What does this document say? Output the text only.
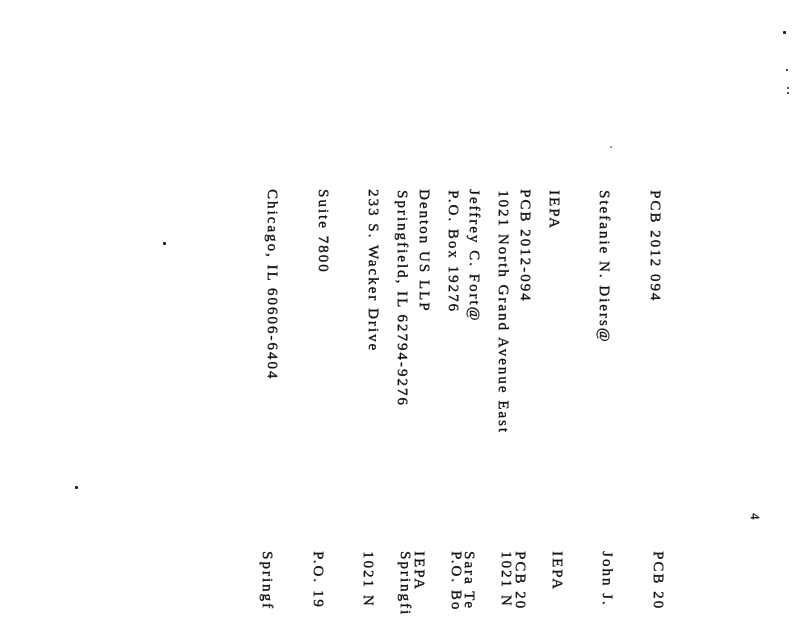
PCB 2012 094

Stefanie N. Diers@

IEPA

1021 North Grand Avenue East

P.O. Box 19276

Springfield, IL 62794-9276

	PCB 2012-094

Jeffrey C. Fort@

Denton US LLP

233 S. Wacker Drive

Suite 7800

Chicago, IL 60606-6404

PCB 20

John J.

IEPA

1021 N

P.O. Bo

Springfi

	PCB 20

Sara Te

IEPA

1021 N

P.O. 19

Springf

4
